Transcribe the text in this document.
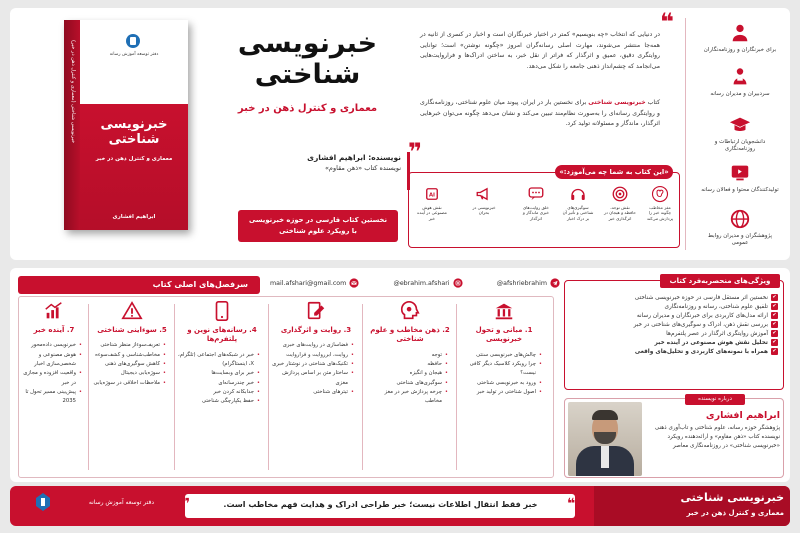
خبرنویسی شناختی (معماری و کنترل ذهن در خبر)	دفتر توسعه آموزش رسانه
خبرنویسی
شناختی
معماری و کنترل ذهن در خبر
ابراهیم افشاری
خبرنویسی
شناختی
معماری و کنترل ذهن در خبر
نویسنده: ابراهیم افشاری
نویسنده کتاب «ذهن مقاوم»
نخستین کتاب فارسی در حوزه خبرنویسی
با رویکرد علوم شناختی
❝
❞
در دنیایی که انتخاب «چه بنویسیم» کمتر در اختیار خبرنگاران است و اخبار در کسری از ثانیه در همه‌جا منتشر می‌شوند، مهارت اصلی رسانه‌گران امروز «چگونه نوشتن» است؛ توانایی روایتگری دقیق، عمیق و اثرگذار که فراتر از نقل خبر، به ساختن ادراک‌ها و فراروایت‌هایی می‌انجامد که چشم‌انداز ذهنی جامعه را شکل می‌دهد.
کتاب خبرنویسی شناختی برای نخستین بار در ایران، پیوند میان علوم شناختی، روزنامه‌نگاری و روایتگری رسانه‌ای را به‌صورت نظام‌مند تبیین می‌کند و نشان می‌دهد چگونه می‌توان خبرهایی اثرگذار، ماندگار و مسئولانه تولید کرد.
برای خبرنگاران و روزنامه‌نگاران
سردبیران و مدیران رسانه
دانشجویان ارتباطات و روزنامه‌نگاری
تولیدکنندگان محتوا و فعالان رسانه
پژوهشگران و مدیران روابط عمومی
«این کتاب به شما چه می‌آموزد:»
مغز مخاطب چگونه خبر را پردازش می‌کند
نقش توجه، حافظه و هیجان در اثرگذاری خبر
سوگیری‌های شناختی و تأثیر آن بر درک اخبار
خلق روایت‌های خبری ماندگار و اثرگذار
خبرنویسی در بحران
AI
نقش هوش مصنوعی در آینده خبر
mail.afshari@gmail.com	@ebrahim.afshari	@afshriebrahim
سرفصل‌های اصلی کتاب
1. مبانی و تحول خبرنویسی
• چالش‌های خبرنویسی سنتی
• چرا رویکرد کلاسیک دیگر کافی نیست؟
• ورود به خبرنویسی شناختی
• اصول شناختی در تولید خبر
2. ذهن مخاطب و علوم شناختی
• توجه
• حافظه
• هیجان و انگیزه
• سوگیری‌های شناختی
• چرخه پردازش خبر در مغز مخاطب
3. روایت و اثرگذاری
• فضاسازی در روایت‌های خبری
• روایت، ابرروایت و فراروایت
• تکنیک‌های شناختی در نوشتار خبری
• ساختار متن بر اساس پردازش مغزی
• تیترهای شناختی
4. رسانه‌های نوین و پلتفرم‌ها
• خبر در شبکه‌های اجتماعی (تلگرام، X، اینستاگرام)
• خبر برای وبسایت‌ها
• خبر چندرسانه‌ای
• جدابکانه کردن خبر
• حفظ یکپارچگی شناختی
5. سوءاینی شناختی
• تعریف‌سوءاز منظر شناختی
• مخاطب‌شناسی و کشف‌سوءه
• کاهش سوگیری‌های ذهنی
• سوژه‌یابی دیجیتال
• ملاحظات اخلاقی در سوژه‌یابی
7. آینده خبر
• خبرنویسی داده‌محور
• هوش مصنوعی و شخصی‌سازی اخبار
• واقعیت افزوده و مجازی در خبر
• پیش‌بینی مسیر تحول تا 2035
ویژگی‌های منحصر‌به‌فرد کتاب
✔ نخستین اثر مستقل فارسی در حوزه خبرنویسی شناختی
✔ تلفیق علوم شناختی، رسانه و روزنامه‌نگاری
✔ ارائه مدل‌های کاربردی برای خبرنگاران و مدیران رسانه
✔ بررسی نقش ذهن، ادراک و سوگیری‌های شناختی در خبر
✔ آموزش روایتگری اثرگذار در عصر پلتفرم‌ها
✔ تحلیل نقش هوش مصنوعی در آینده خبر
✔ همراه با نمونه‌های کاربردی و تحلیل‌های واقعی
درباره نویسنده
ابراهیم افشاری
پژوهشگر حوزه رسانه، علوم شناختی و تاب‌آوری ذهنی نویسنده کتاب «ذهن مقاوم» و ارائه‌دهنده رویکرد «خبرنویسی شناختی» در روزنامه‌نگاری معاصر
خبرنویسی شناختی
معماری و کنترل ذهن در خبر
❝
❞	خبر فقط انتقال اطلاعات نیست؛ خبر طراحی ادراک و هدایت فهم مخاطب است.
دفتر توسعه آموزش رسانه
